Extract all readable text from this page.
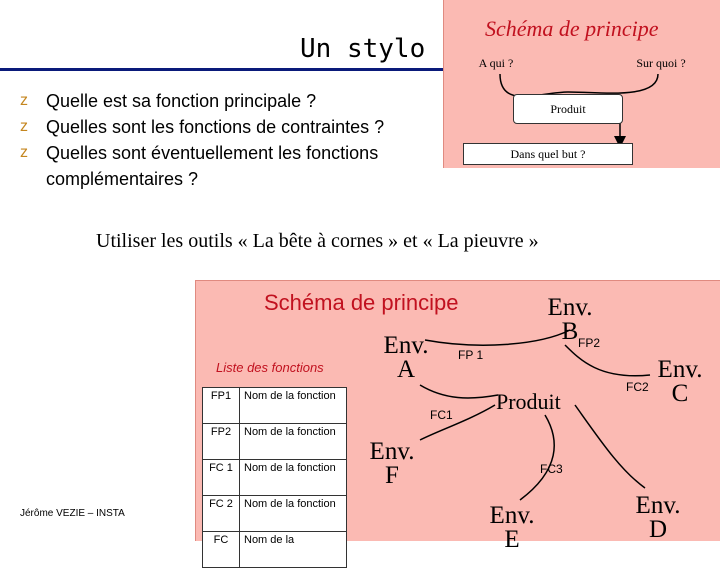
Un stylo
z Quelle est sa fonction principale ?
z Quelles sont les fonctions de contraintes ?
z Quelles sont éventuellement les fonctions complémentaires ?
Schéma de principe
A qui ?	Sur quoi ?
Produit
Dans quel but ?
Utiliser les outils « La bête à cornes » et « La pieuvre »
Schéma de principe
Liste des fonctions
FP1	Nom de la fonction
FP2	Nom de la fonction
FC 1	Nom de la fonction
FC 2	Nom de la fonction
FC	Nom de la
Env. A
Env. B
Env. C
Env. D
Env. E
Env. F
Produit
FP 1
FP2
FC1
FC2
FC3
Jérôme VEZIE – INSTA
